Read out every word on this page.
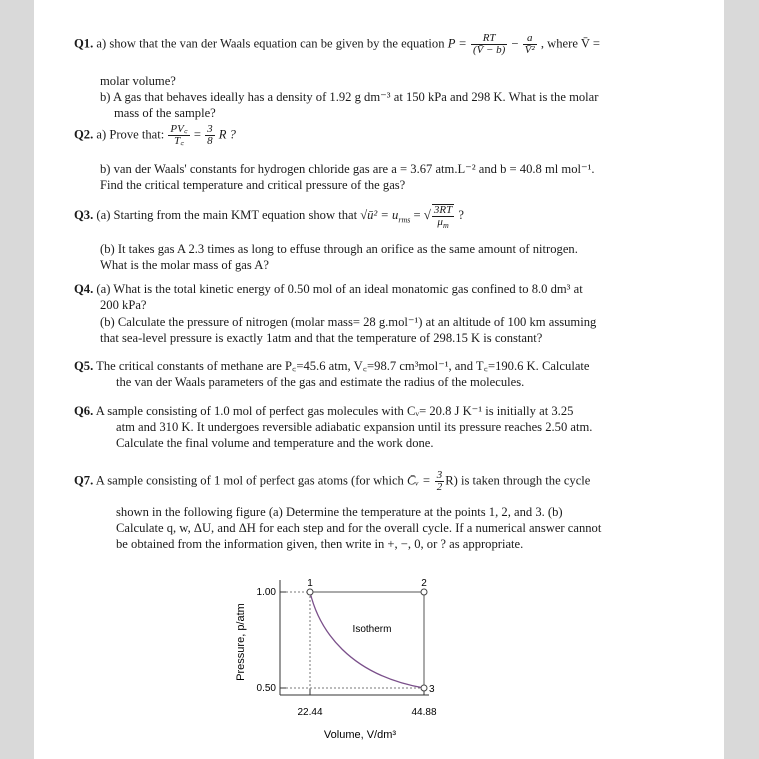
Q1. a) show that the van der Waals equation can be given by the equation $P = \frac{RT}{(V̄ - b)} - \frac{a}{\text{V̄²}}$ , where V̄ =
molar volume?
b) A gas that behaves ideally has a density of 1.92 g dm⁻³ at 150 kPa and 298 K. What is the molar
mass of the sample?
Q2. a) Prove that: $\frac{PV꜀}{T꜀} = \frac{3}{8}$ R ?
b) van der Waals' constants for hydrogen chloride gas are a = 3.67 atm.L⁻² and b = 40.8 ml mol⁻¹.
Find the critical temperature and critical pressure of the gas?
Q3. (a) Starting from the main KMT equation show that √ū² = $u_{rms}$ = √ $\frac{3RT}{\mu_m}$ ?
(b) It takes gas A 2.3 times as long to effuse through an orifice as the same amount of nitrogen.
What is the molar mass of gas A?
Q4. (a) What is the total kinetic energy of 0.50 mol of an ideal monatomic gas confined to 8.0 dm³ at
200 kPa?
(b) Calculate the pressure of nitrogen (molar mass= 28 g.mol⁻¹) at an altitude of 100 km assuming
that sea-level pressure is exactly 1atm and that the temperature of 298.15 K is constant?
Q5. The critical constants of methane are P꜀=45.6 atm, V꜀=98.7 cm³mol⁻¹, and T꜀=190.6 K. Calculate
the van der Waals parameters of the gas and estimate the radius of the molecules.
Q6. A sample consisting of 1.0 mol of perfect gas molecules with Cᵥ= 20.8 J K⁻¹ is initially at 3.25
atm and 310 K. It undergoes reversible adiabatic expansion until its pressure reaches 2.50 atm.
Calculate the final volume and temperature and the work done.
Q7. A sample consisting of 1 mol of perfect gas atoms (for which C̄ᵥ = $\frac{3}{2} R$) is taken through the cycle
shown in the following figure (a) Determine the temperature at the points 1, 2, and 3. (b)
Calculate q, w, ΔU, and ΔH for each step and for the overall cycle. If a numerical answer cannot
be obtained from the information given, then write in +, −, 0, or ? as appropriate.
1	2
3
Isotherm
1.00
0.50
22.44	44.88
Volume, V/dm³
Pressure, p/atm
